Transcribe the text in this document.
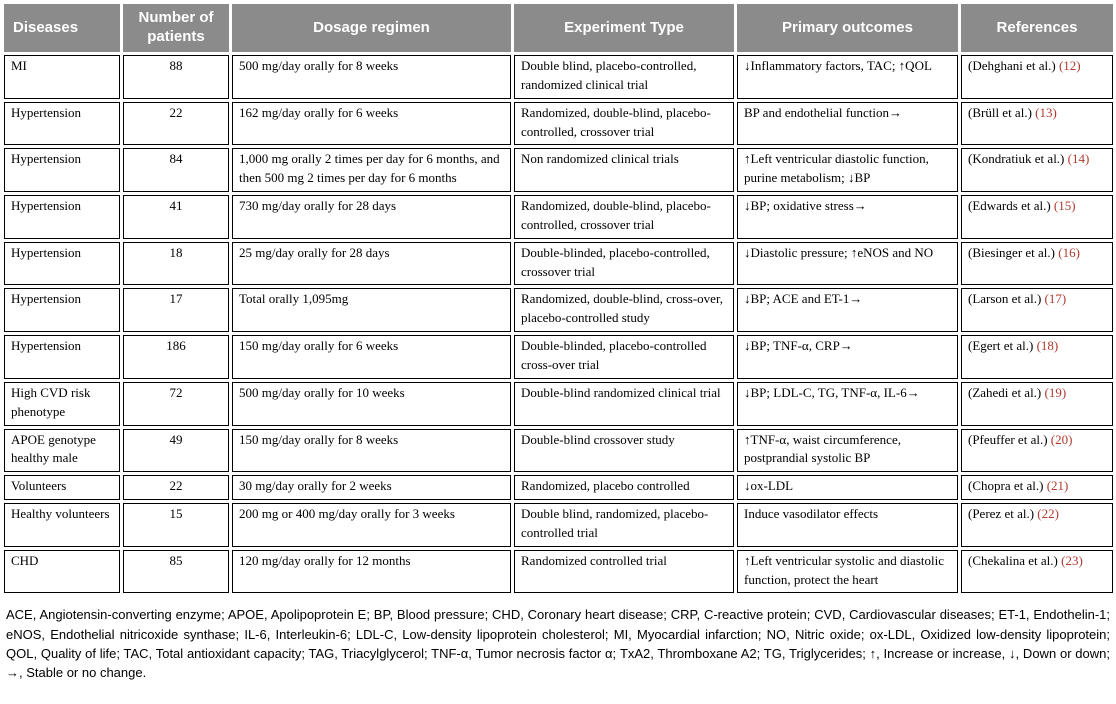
Diseases	Number of patients	Dosage regimen	Experiment Type	Primary outcomes	References
MI	88	500 mg/day orally for 8 weeks	Double blind, placebo-controlled, randomized clinical trial	↓Inflammatory factors, TAC; ↑QOL	(Dehghani et al.) (12)
Hypertension	22	162 mg/day orally for 6 weeks	Randomized, double-blind, placebo-controlled, crossover trial	BP and endothelial function→	(Brüll et al.) (13)
Hypertension	84	1,000 mg orally 2 times per day for 6 months, and then 500 mg 2 times per day for 6 months	Non randomized clinical trials	↑Left ventricular diastolic function, purine metabolism; ↓BP	(Kondratiuk et al.) (14)
Hypertension	41	730 mg/day orally for 28 days	Randomized, double-blind, placebo-controlled, crossover trial	↓BP; oxidative stress→	(Edwards et al.) (15)
Hypertension	18	25 mg/day orally for 28 days	Double-blinded, placebo-controlled, crossover trial	↓Diastolic pressure; ↑eNOS and NO	(Biesinger et al.) (16)
Hypertension	17	Total orally 1,095mg	Randomized, double-blind, cross-over, placebo-controlled study	↓BP; ACE and ET-1→	(Larson et al.) (17)
Hypertension	186	150 mg/day orally for 6 weeks	Double-blinded, placebo-controlled cross-over trial	↓BP; TNF-α, CRP→	(Egert et al.) (18)
High CVD risk phenotype	72	500 mg/day orally for 10 weeks	Double-blind randomized clinical trial	↓BP; LDL-C, TG, TNF-α, IL-6→	(Zahedi et al.) (19)
APOE genotype healthy male	49	150 mg/day orally for 8 weeks	Double-blind crossover study	↑TNF-α, waist circumference, postprandial systolic BP	(Pfeuffer et al.) (20)
Volunteers	22	30 mg/day orally for 2 weeks	Randomized, placebo controlled	↓ox-LDL	(Chopra et al.) (21)
Healthy volunteers	15	200 mg or 400 mg/day orally for 3 weeks	Double blind, randomized, placebo-controlled trial	Induce vasodilator effects	(Perez et al.) (22)
CHD	85	120 mg/day orally for 12 months	Randomized controlled trial	↑Left ventricular systolic and diastolic function, protect the heart	(Chekalina et al.) (23)
ACE, Angiotensin-converting enzyme; APOE, Apolipoprotein E; BP, Blood pressure; CHD, Coronary heart disease; CRP, C-reactive protein; CVD, Cardiovascular diseases; ET-1, Endothelin-1; eNOS, Endothelial nitricoxide synthase; IL-6, Interleukin-6; LDL-C, Low-density lipoprotein cholesterol; MI, Myocardial infarction; NO, Nitric oxide; ox-LDL, Oxidized low-density lipoprotein; QOL, Quality of life; TAC, Total antioxidant capacity; TAG, Triacylglycerol; TNF-α, Tumor necrosis factor α; TxA2, Thromboxane A2; TG, Triglycerides; ↑, Increase or increase, ↓, Down or down; →, Stable or no change.
